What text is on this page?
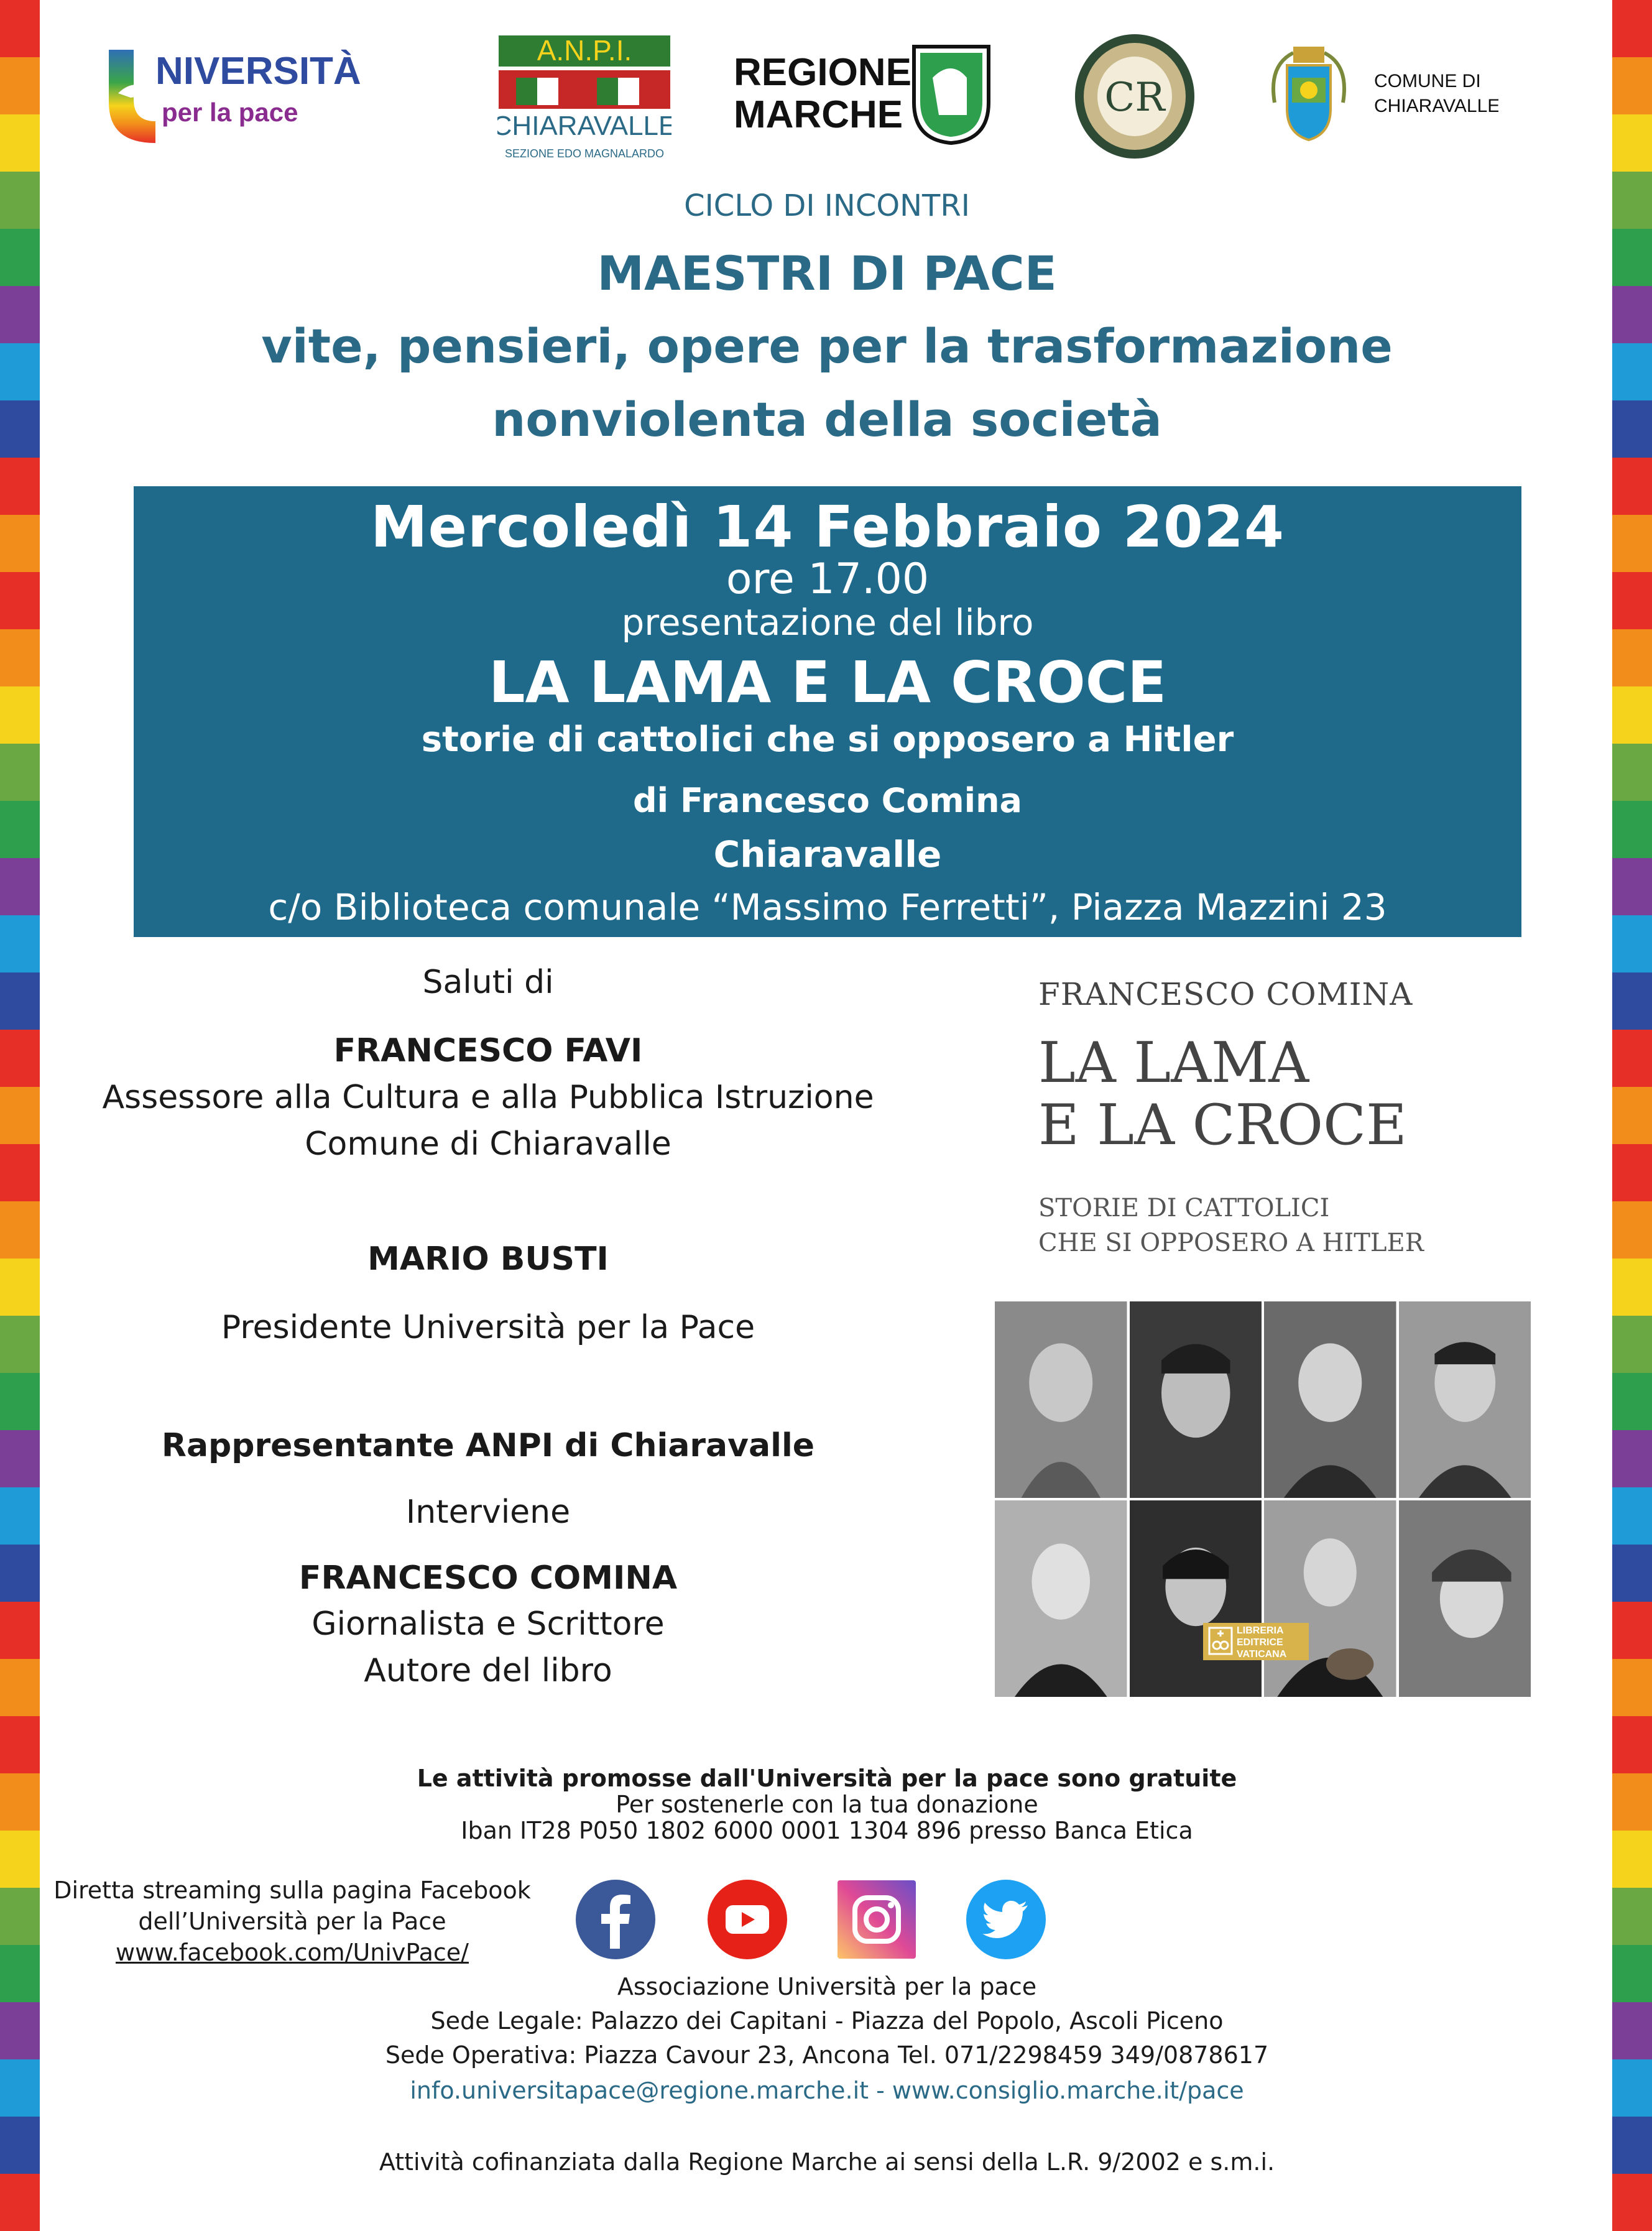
NIVERSITÀ
per la pace
A.N.P.I.
CHIARAVALLE
SEZIONE EDO MAGNALARDO
REGIONE
MARCHE	CR	COMUNE DI
CHIARAVALLE
CICLO DI INCONTRI
MAESTRI DI PACE
vite, pensieri, opere per la trasformazione
nonviolenta della società
Mercoledì 14 Febbraio 2024
ore 17.00
presentazione del libro
LA LAMA E LA CROCE
storie di cattolici che si opposero a Hitler
di Francesco Comina
Chiaravalle
c/o Biblioteca comunale “Massimo Ferretti”, Piazza Mazzini 23
Saluti di
FRANCESCO FAVI
Assessore alla Cultura e alla Pubblica Istruzione
Comune di Chiaravalle
MARIO BUSTI
Presidente Università per la Pace
Rappresentante ANPI di Chiaravalle
Interviene
FRANCESCO COMINA
Giornalista e Scrittore
Autore del libro
FRANCESCO COMINA
LA LAMA
E LA CROCE
STORIE DI CATTOLICI
CHE SI OPPOSERO A HITLER
LIBRERIA
EDITRICE
VATICANA
Le attività promosse dall'Università per la pace sono gratuite
Per sostenerle con la tua donazione
Iban IT28 P050 1802 6000 0001 1304 896 presso Banca Etica
Diretta streaming sulla pagina Facebook
dell’Università per la Pace
www.facebook.com/UnivPace/
Associazione Università per la pace
Sede Legale: Palazzo dei Capitani - Piazza del Popolo, Ascoli Piceno
Sede Operativa: Piazza Cavour 23, Ancona Tel. 071/2298459 349/0878617
info.universitapace@regione.marche.it - www.consiglio.marche.it/pace
Attività cofinanziata dalla Regione Marche ai sensi della L.R. 9/2002 e s.m.i.
